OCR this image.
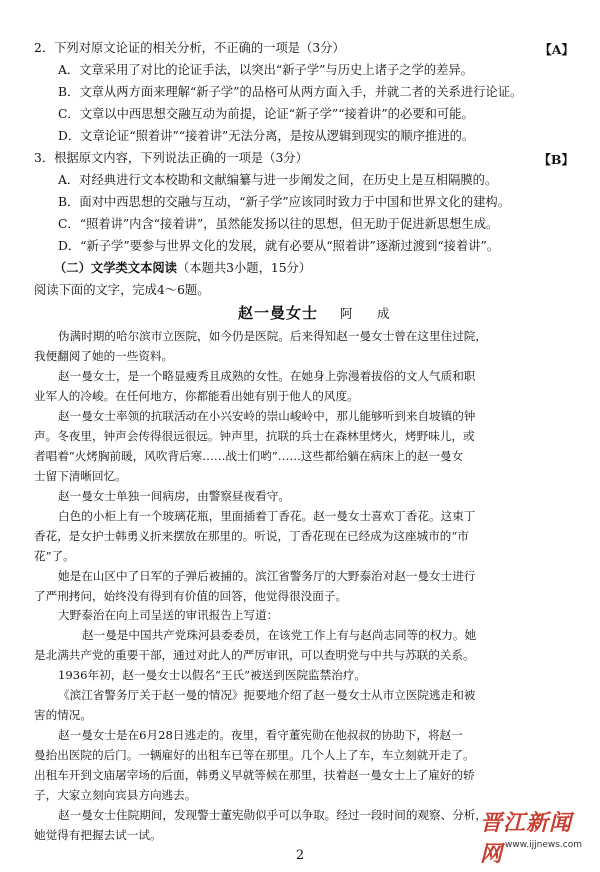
2．下列对原文论证的相关分析，不正确的一项是（3分）	【A】
A．文章采用了对比的论证手法，以突出“新子学”与历史上诸子之学的差异。
B．文章从两方面来理解“新子学”的品格可从两方面入手，并就二者的关系进行论证。
C．文章以中西思想交融互动为前提，论证“新子学”“接着讲”的必要和可能。
D．文章论证“照着讲”“接着讲”无法分离，是按从逻辑到现实的顺序推进的。
3．根据原文内容，下列说法正确的一项是（3分）	【B】
A．对经典进行文本校勘和文献编纂与进一步阐发之间，在历史上是互相隔膜的。
B．面对中西思想的交融与互动，“新子学”应该同时致力于中国和世界文化的建构。
C．“照着讲”内含“接着讲”，虽然能发扬以往的思想，但无助于促进新思想生成。
D．“新子学”要参与世界文化的发展，就有必要从“照着讲”逐渐过渡到“接着讲”。
（二）文学类文本阅读（本题共3小题，15分）
阅读下面的文字，完成4～6题。
赵一曼女士 阿　成
伪满时期的哈尔滨市立医院，如今仍是医院。后来得知赵一曼女士曾在这里住过院，
我便翻阅了她的一些资料。
赵一曼女士，是一个略显瘦秀且成熟的女性。在她身上弥漫着拔俗的文人气质和职
业军人的冷峻。在任何地方，你都能看出她有别于他人的风度。
赵一曼女士率领的抗联活动在小兴安岭的崇山峻岭中，那儿能够听到来自坡镇的钟
声。冬夜里，钟声会传得很远很远。钟声里，抗联的兵士在森林里烤火，烤野味儿，或
者唱着“火烤胸前暖，风吹背后寒……战士们哟”……这些都给躺在病床上的赵一曼女
士留下清晰回忆。
赵一曼女士单独一间病房，由警察昼夜看守。
白色的小柜上有一个玻璃花瓶，里面插着丁香花。赵一曼女士喜欢丁香花。这束丁
香花，是女护士韩勇义折来摆放在那里的。听说，丁香花现在已经成为这座城市的“市
花”了。
她是在山区中了日军的子弹后被捕的。滨江省警务厅的大野泰治对赵一曼女士进行
了严刑拷问，始终没有得到有价值的回答，他觉得很没面子。
大野泰治在向上司呈送的审讯报告上写道：
赵一曼是中国共产党珠河县委委员，在该党工作上有与赵尚志同等的权力。她
是北满共产党的重要干部，通过对此人的严厉审讯，可以查明党与中共与苏联的关系。
1936年初，赵一曼女士以假名“王氏”被送到医院监禁治疗。
《滨江省警务厅关于赵一曼的情况》扼要地介绍了赵一曼女士从市立医院逃走和被
害的情况。
赵一曼女士是在6月28日逃走的。夜里，看守董宪勋在他叔叔的协助下，将赵一
曼抬出医院的后门。一辆雇好的出租车已等在那里。几个人上了车，车立刻就开走了。
出租车开到文庙屠宰场的后面，韩勇义早就等候在那里，扶着赵一曼女士上了雇好的轿
子，大家立刻向宾县方向逃去。
赵一曼女士住院期间，发现警士董宪勋似乎可以争取。经过一段时间的观察、分析，
她觉得有把握去试一试。	晋江新闻网 www.ijjnews.com
2
